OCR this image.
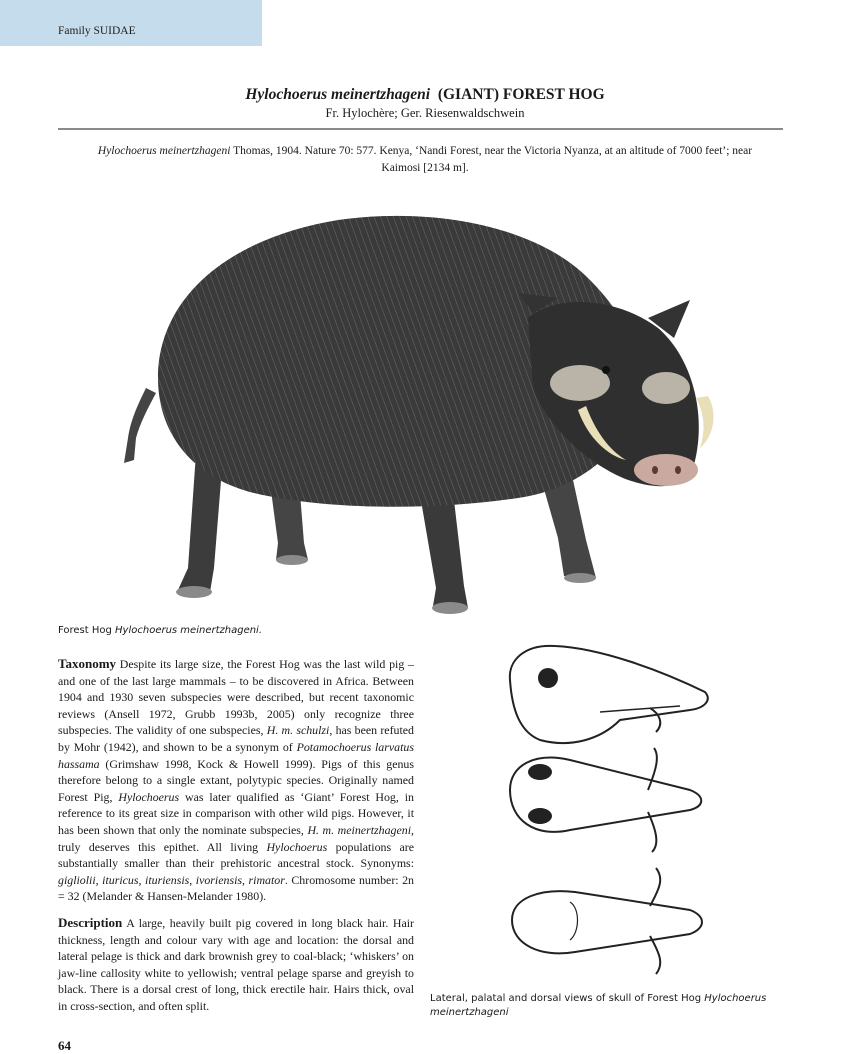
Family SUIDAE
Hylochoerus meinertzhageni (GIANT) FOREST HOG
Fr. Hylochère; Ger. Riesenwaldschwein
Hylochoerus meinertzhageni Thomas, 1904. Nature 70: 577. Kenya, ‘Nandi Forest, near the Victoria Nyanza, at an altitude of 7000 feet’; near Kaimosi [2134 m].
Forest Hog Hylochoerus meinertzhageni.

Taxonomy Despite its large size, the Forest Hog was the last wild pig – and one of the last large mammals – to be discovered in Africa. Between 1904 and 1930 seven subspecies were described, but recent taxonomic reviews (Ansell 1972, Grubb 1993b, 2005) only recognize three subspecies. The validity of one subspecies, H. m. schulzi, has been refuted by Mohr (1942), and shown to be a synonym of Potamochoerus larvatus hassama (Grimshaw 1998, Kock & Howell 1999). Pigs of this genus therefore belong to a single extant, polytypic species. Originally named Forest Pig, Hylochoerus was later qualified as ‘Giant’ Forest Hog, in reference to its great size in comparison with other wild pigs. However, it has been shown that only the nominate subspecies, H. m. meinertzhageni, truly deserves this epithet. All living Hylochoerus populations are substantially smaller than their prehistoric ancestral stock. Synonyms: gigliolii, ituricus, ituriensis, ivoriensis, rimator. Chromosome number: 2n = 32 (Melander & Hansen-Melander 1980).

Description A large, heavily built pig covered in long black hair. Hair thickness, length and colour vary with age and location: the dorsal and lateral pelage is thick and dark brownish grey to coal-black; ‘whiskers’ on jaw-line callosity white to yellowish; ventral pelage sparse and greyish to black. There is a dorsal crest of long, thick erectile hair. Hairs thick, oval in cross-section, and often split.

Lateral, palatal and dorsal views of skull of Forest Hog Hylochoerus meinertzhageni
64
